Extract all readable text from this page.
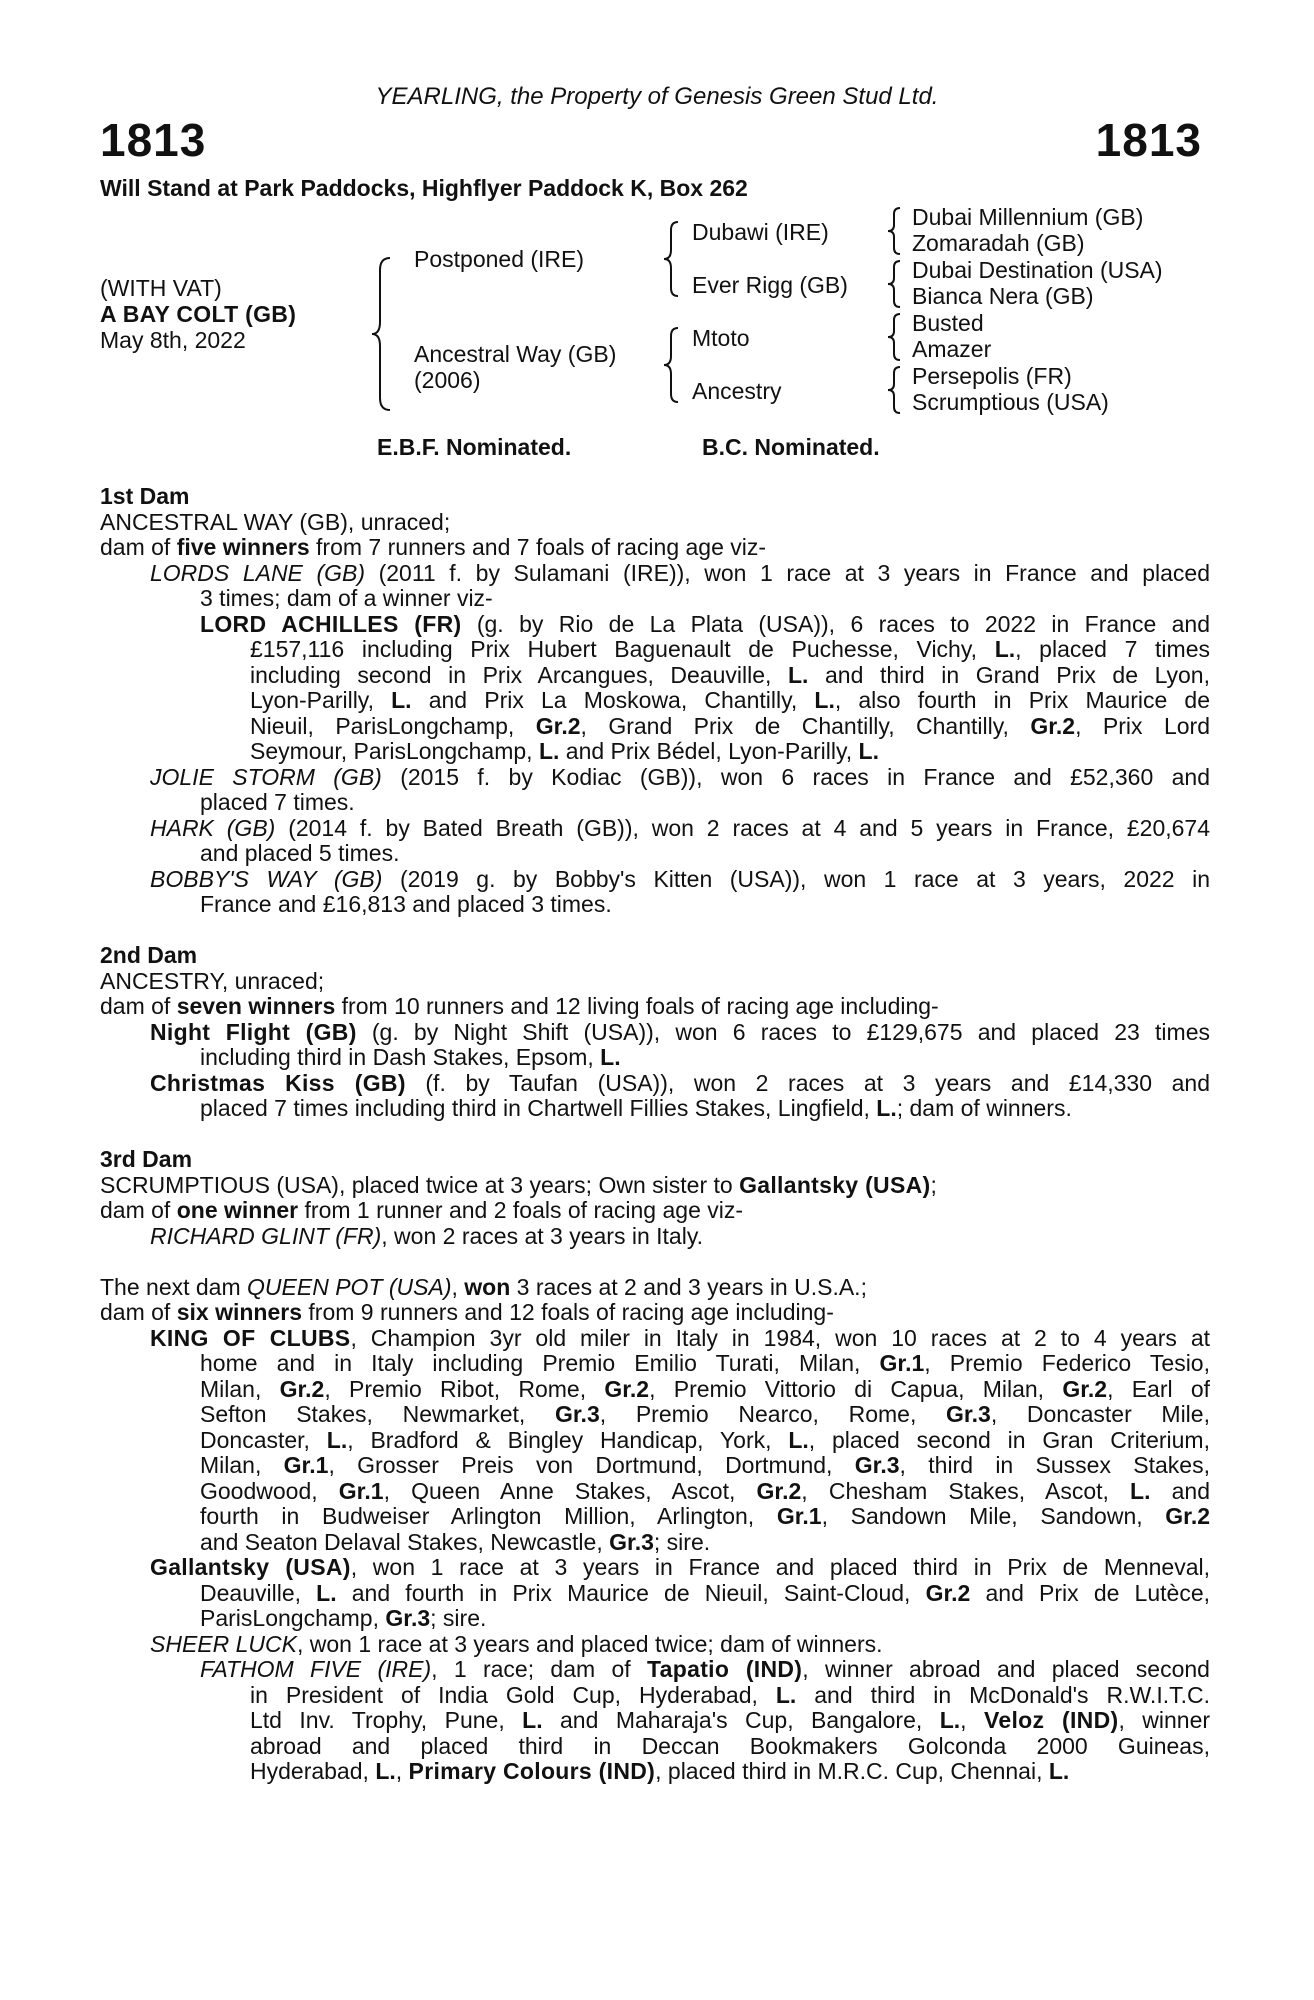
YEARLING, the Property of Genesis Green Stud Ltd.
1813	1813
Will Stand at Park Paddocks, Highflyer Paddock K, Box 262
(WITH VAT)
A BAY COLT (GB)
May 8th, 2022
Postponed (IRE)
Ancestral Way (GB)
(2006)
Dubawi (IRE)
Ever Rigg (GB)
Mtoto
Ancestry
Dubai Millennium (GB)
Zomaradah (GB)
Dubai Destination (USA)
Bianca Nera (GB)
Busted
Amazer
Persepolis (FR)
Scrumptious (USA)
E.B.F. Nominated.	B.C. Nominated.
1st Dam
ANCESTRAL WAY (GB), unraced;
dam of five winners from 7 runners and 7 foals of racing age viz-
LORDS LANE (GB) (2011 f. by Sulamani (IRE)), won 1 race at 3 years in France and placed
3 times; dam of a winner viz-
LORD ACHILLES (FR) (g. by Rio de La Plata (USA)), 6 races to 2022 in France and
£157,116 including Prix Hubert Baguenault de Puchesse, Vichy, L., placed 7 times
including second in Prix Arcangues, Deauville, L. and third in Grand Prix de Lyon,
Lyon-Parilly, L. and Prix La Moskowa, Chantilly, L., also fourth in Prix Maurice de
Nieuil, ParisLongchamp, Gr.2, Grand Prix de Chantilly, Chantilly, Gr.2, Prix Lord
Seymour, ParisLongchamp, L. and Prix Bédel, Lyon-Parilly, L.
JOLIE STORM (GB) (2015 f. by Kodiac (GB)), won 6 races in France and £52,360 and
placed 7 times.
HARK (GB) (2014 f. by Bated Breath (GB)), won 2 races at 4 and 5 years in France, £20,674
and placed 5 times.
BOBBY'S WAY (GB) (2019 g. by Bobby's Kitten (USA)), won 1 race at 3 years, 2022 in
France and £16,813 and placed 3 times.
2nd Dam
ANCESTRY, unraced;
dam of seven winners from 10 runners and 12 living foals of racing age including-
Night Flight (GB) (g. by Night Shift (USA)), won 6 races to £129,675 and placed 23 times
including third in Dash Stakes, Epsom, L.
Christmas Kiss (GB) (f. by Taufan (USA)), won 2 races at 3 years and £14,330 and
placed 7 times including third in Chartwell Fillies Stakes, Lingfield, L.; dam of winners.
3rd Dam
SCRUMPTIOUS (USA), placed twice at 3 years; Own sister to Gallantsky (USA);
dam of one winner from 1 runner and 2 foals of racing age viz-
RICHARD GLINT (FR), won 2 races at 3 years in Italy.
The next dam QUEEN POT (USA), won 3 races at 2 and 3 years in U.S.A.;
dam of six winners from 9 runners and 12 foals of racing age including-
KING OF CLUBS, Champion 3yr old miler in Italy in 1984, won 10 races at 2 to 4 years at
home and in Italy including Premio Emilio Turati, Milan, Gr.1, Premio Federico Tesio,
Milan, Gr.2, Premio Ribot, Rome, Gr.2, Premio Vittorio di Capua, Milan, Gr.2, Earl of
Sefton Stakes, Newmarket, Gr.3, Premio Nearco, Rome, Gr.3, Doncaster Mile,
Doncaster, L., Bradford & Bingley Handicap, York, L., placed second in Gran Criterium,
Milan, Gr.1, Grosser Preis von Dortmund, Dortmund, Gr.3, third in Sussex Stakes,
Goodwood, Gr.1, Queen Anne Stakes, Ascot, Gr.2, Chesham Stakes, Ascot, L. and
fourth in Budweiser Arlington Million, Arlington, Gr.1, Sandown Mile, Sandown, Gr.2
and Seaton Delaval Stakes, Newcastle, Gr.3; sire.
Gallantsky (USA), won 1 race at 3 years in France and placed third in Prix de Menneval,
Deauville, L. and fourth in Prix Maurice de Nieuil, Saint-Cloud, Gr.2 and Prix de Lutèce,
ParisLongchamp, Gr.3; sire.
SHEER LUCK, won 1 race at 3 years and placed twice; dam of winners.
FATHOM FIVE (IRE), 1 race; dam of Tapatio (IND), winner abroad and placed second
in President of India Gold Cup, Hyderabad, L. and third in McDonald's R.W.I.T.C.
Ltd Inv. Trophy, Pune, L. and Maharaja's Cup, Bangalore, L., Veloz (IND), winner
abroad and placed third in Deccan Bookmakers Golconda 2000 Guineas,
Hyderabad, L., Primary Colours (IND), placed third in M.R.C. Cup, Chennai, L.
